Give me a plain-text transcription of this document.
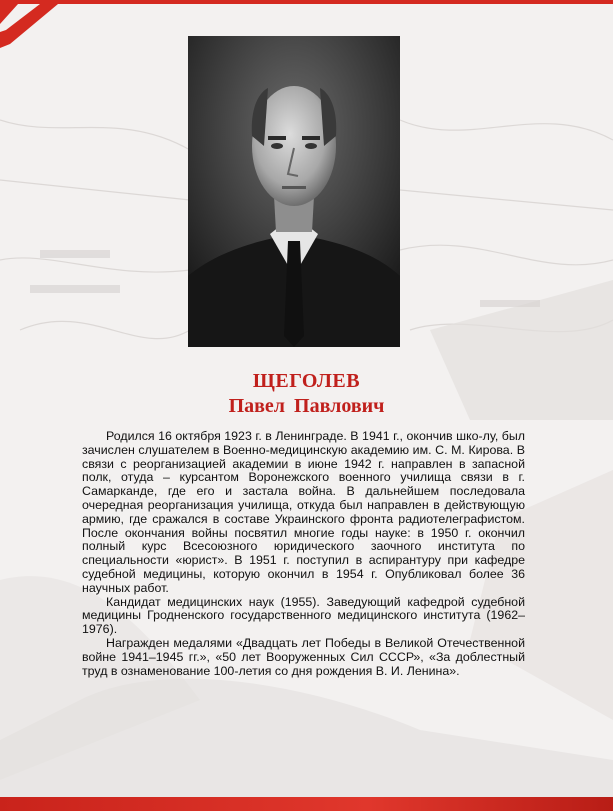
ЩЕГОЛЕВ
Павел Павлович

Родился 16 октября 1923 г. в Ленинграде. В 1941 г., окончив шко-лу, был зачислен слушателем в Военно-медицинскую академию им. С. М. Кирова. В связи с реорганизацией академии в июне 1942 г. направлен в запасной полк, отуда – курсантом Воронежского военного училища связи в г. Самарканде, где его и застала война. В дальнейшем последовала очередная реорганизация училища, откуда был направлен в действующую армию, где сражался в составе Украинского фронта радиотелеграфистом. После окончания войны посвятил многие годы науке: в 1950 г. окончил полный курс Всесоюзного юридического заочного института по специальности «юрист». В 1951 г. поступил в аспирантуру при кафедре судебной медицины, которую окончил в 1954 г. Опубликовал более 36 научных работ.

Кандидат медицинских наук (1955). Заведующий кафедрой судебной медицины Гродненского государственного медицинского института (1962–1976).

Награжден медалями «Двадцать лет Победы в Великой Отечественной войне 1941–1945 гг.», «50 лет Вооруженных Сил СССР», «За доблестный труд в ознаменование 100-летия со дня рождения В. И. Ленина».
